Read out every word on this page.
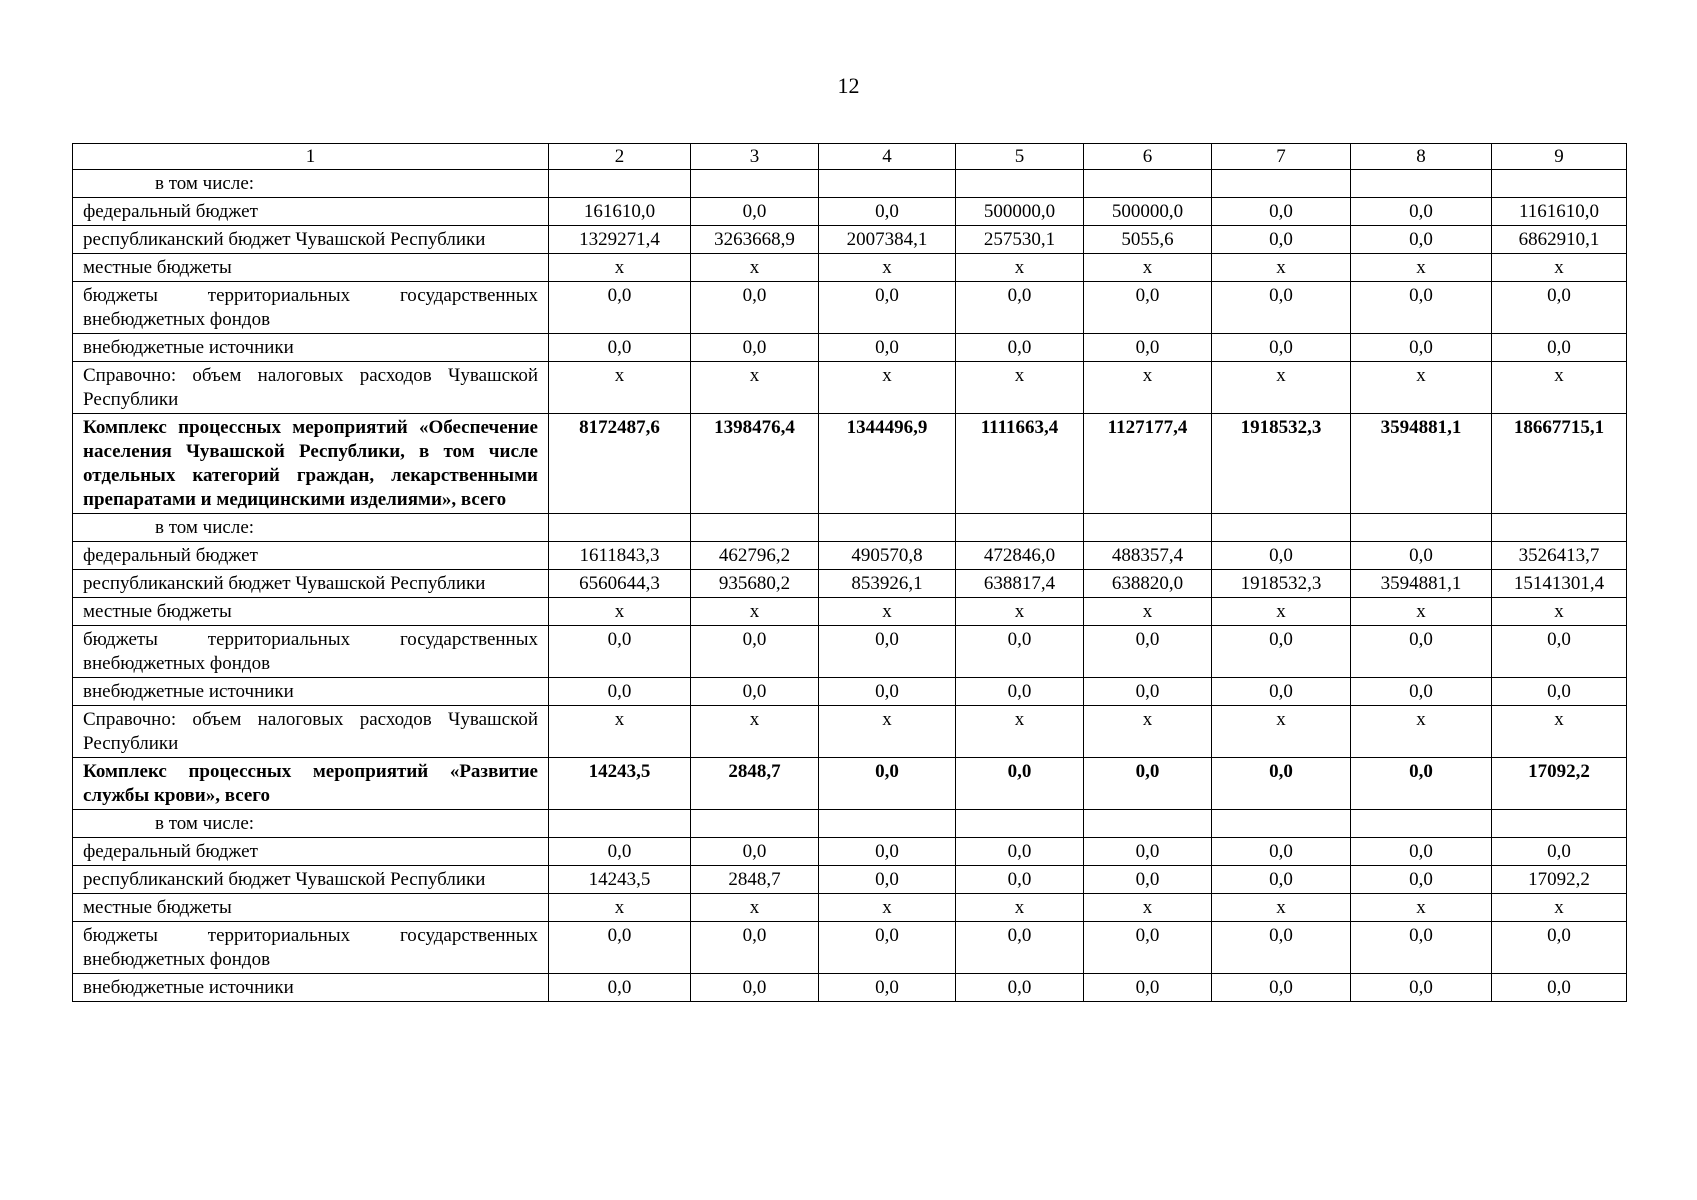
12
1	2	3	4	5	6	7	8	9
в том числе:								
федеральный бюджет	161610,0	0,0	0,0	500000,0	500000,0	0,0	0,0	1161610,0
республиканский бюджет Чувашской Республики	1329271,4	3263668,9	2007384,1	257530,1	5055,6	0,0	0,0	6862910,1
местные бюджеты	x	x	x	x	x	x	x	x
бюджеты территориальных государственных внебюджетных фондов	0,0	0,0	0,0	0,0	0,0	0,0	0,0	0,0
внебюджетные источники	0,0	0,0	0,0	0,0	0,0	0,0	0,0	0,0
Справочно: объем налоговых расходов Чувашской Республики	x	x	x	x	x	x	x	x
Комплекс процессных мероприятий «Обеспечение населения Чувашской Республики, в том числе отдельных категорий граждан, лекарственными препаратами и медицинскими изделиями», всего	8172487,6	1398476,4	1344496,9	1111663,4	1127177,4	1918532,3	3594881,1	18667715,1
в том числе:								
федеральный бюджет	1611843,3	462796,2	490570,8	472846,0	488357,4	0,0	0,0	3526413,7
республиканский бюджет Чувашской Республики	6560644,3	935680,2	853926,1	638817,4	638820,0	1918532,3	3594881,1	15141301,4
местные бюджеты	x	x	x	x	x	x	x	x
бюджеты территориальных государственных внебюджетных фондов	0,0	0,0	0,0	0,0	0,0	0,0	0,0	0,0
внебюджетные источники	0,0	0,0	0,0	0,0	0,0	0,0	0,0	0,0
Справочно: объем налоговых расходов Чувашской Республики	x	x	x	x	x	x	x	x
Комплекс процессных мероприятий «Развитие службы крови», всего	14243,5	2848,7	0,0	0,0	0,0	0,0	0,0	17092,2
в том числе:								
федеральный бюджет	0,0	0,0	0,0	0,0	0,0	0,0	0,0	0,0
республиканский бюджет Чувашской Республики	14243,5	2848,7	0,0	0,0	0,0	0,0	0,0	17092,2
местные бюджеты	x	x	x	x	x	x	x	x
бюджеты территориальных государственных внебюджетных фондов	0,0	0,0	0,0	0,0	0,0	0,0	0,0	0,0
внебюджетные источники	0,0	0,0	0,0	0,0	0,0	0,0	0,0	0,0
